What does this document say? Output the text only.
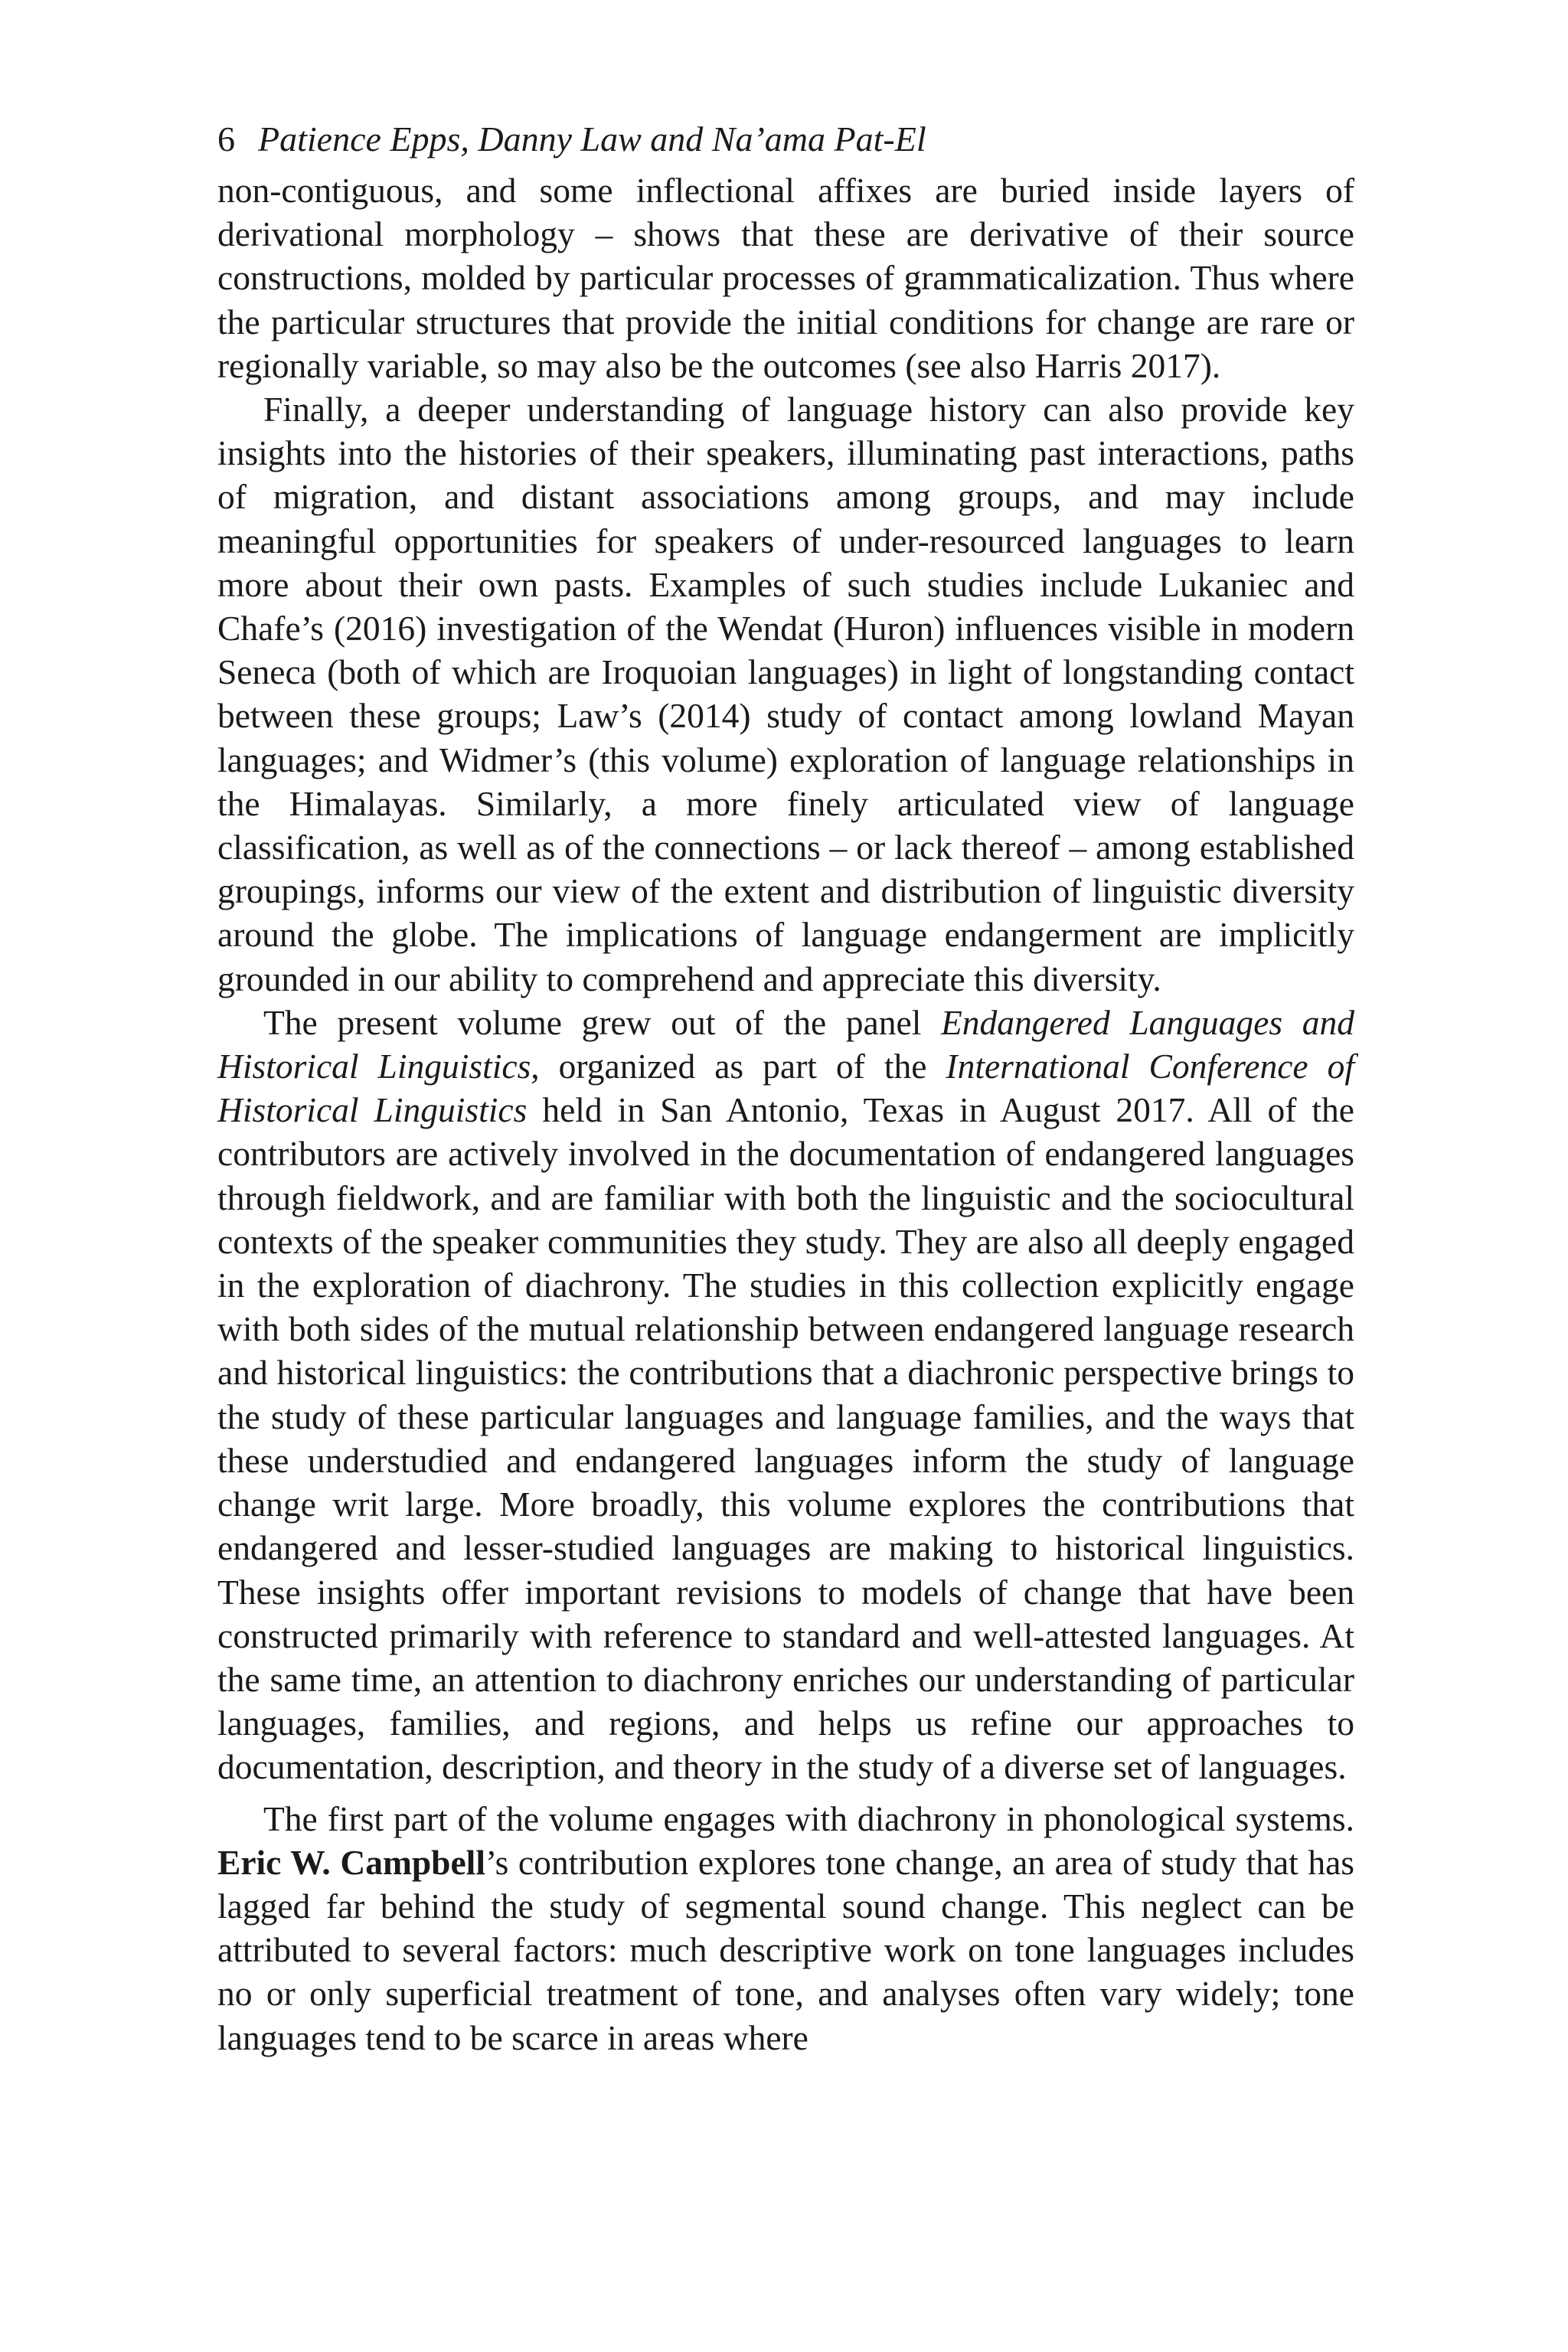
6 Patience Epps, Danny Law and Na’ama Pat-El

non-contiguous, and some inflectional affixes are buried inside layers of derivational morphology – shows that these are derivative of their source constructions, molded by particular processes of grammaticalization. Thus where the particular structures that provide the initial conditions for change are rare or regionally variable, so may also be the outcomes (see also Harris 2017).

Finally, a deeper understanding of language history can also provide key insights into the histories of their speakers, illuminating past interactions, paths of migration, and distant associations among groups, and may include meaningful opportunities for speakers of under-resourced languages to learn more about their own pasts. Examples of such studies include Lukaniec and Chafe’s (2016) investigation of the Wendat (Huron) influences visible in modern Seneca (both of which are Iroquoian languages) in light of longstanding contact between these groups; Law’s (2014) study of contact among lowland Mayan languages; and Widmer’s (this volume) exploration of language relationships in the Himalayas. Similarly, a more finely articulated view of language classification, as well as of the connections – or lack thereof – among established groupings, informs our view of the extent and distribution of linguistic diversity around the globe. The implications of language endangerment are implicitly grounded in our ability to comprehend and appreciate this diversity.

The present volume grew out of the panel Endangered Languages and Historical Linguistics, organized as part of the International Conference of Historical Linguistics held in San Antonio, Texas in August 2017. All of the contributors are actively involved in the documentation of endangered languages through fieldwork, and are familiar with both the linguistic and the sociocultural contexts of the speaker communities they study. They are also all deeply engaged in the exploration of diachrony. The studies in this collection explicitly engage with both sides of the mutual relationship between endangered language research and historical linguistics: the contributions that a diachronic perspective brings to the study of these particular languages and language families, and the ways that these understudied and endangered languages inform the study of language change writ large. More broadly, this volume explores the contributions that endangered and lesser-studied languages are making to historical linguistics. These insights offer important revisions to models of change that have been constructed primarily with reference to standard and well-attested languages. At the same time, an attention to diachrony enriches our understanding of particular languages, families, and regions, and helps us refine our approaches to documentation, description, and theory in the study of a diverse set of languages.

The first part of the volume engages with diachrony in phonological systems. Eric W. Campbell’s contribution explores tone change, an area of study that has lagged far behind the study of segmental sound change. This neglect can be attributed to several factors: much descriptive work on tone languages includes no or only superficial treatment of tone, and analyses often vary widely; tone languages tend to be scarce in areas where
